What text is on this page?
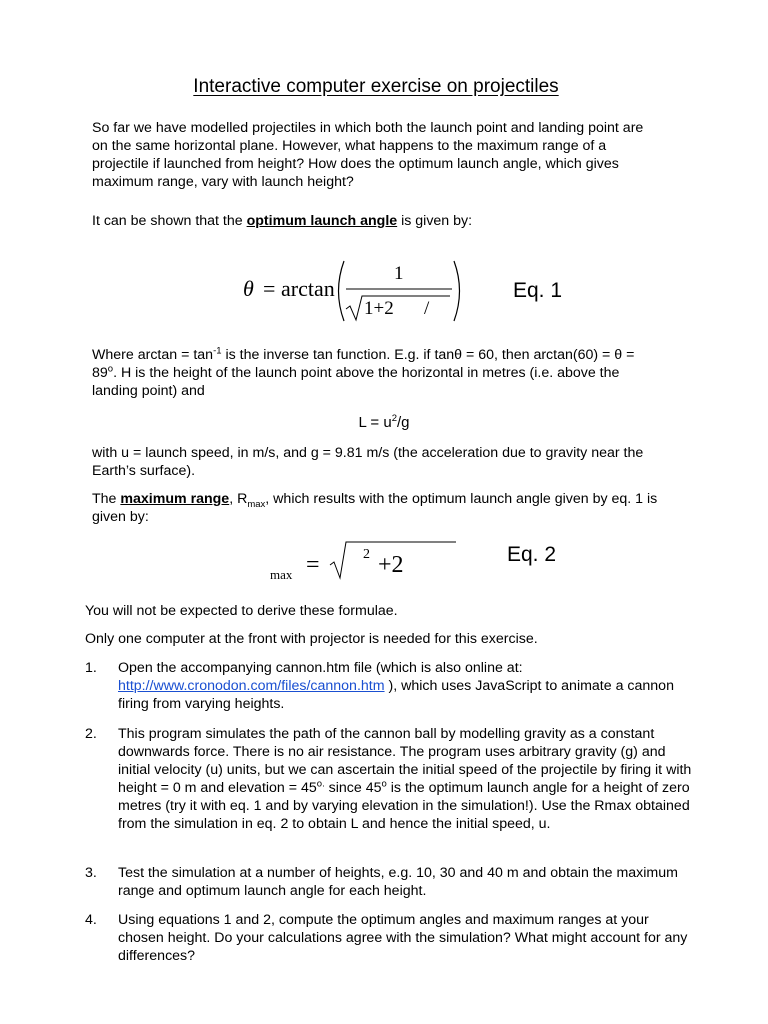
Interactive computer exercise on projectiles
So far we have modelled projectiles in which both the launch point and landing point are on the same horizontal plane. However, what happens to the maximum range of a projectile if launched from height? How does the optimum launch angle, which gives maximum range, vary with launch height?
It can be shown that the optimum launch angle is given by:
θ = arctan
1
1+2 /
Eq. 1
Where $\arctan = \tan^{-1}$ is the inverse tan function. E.g. if tanθ = 60, then $\arctan(60) = \theta = 89^o$. H is the height of the launch point above the horizontal in metres (i.e. above the landing point) and
$L = u^2/g$
with u = launch speed, in m/s, and g = 9.81 m/s (the acceleration due to gravity near the Earth’s surface).
The maximum range, $R_{max}$, which results with the optimum launch angle given by eq. 1 is given by:
max =	2 +2	Eq. 2
You will not be expected to derive these formulae.
Only one computer at the front with projector is needed for this exercise.
1.	Open the accompanying cannon.htm file (which is also online at: http://www.cronodon.com/files/cannon.htm ), which uses JavaScript to animate a cannon firing from varying heights.
2.	This program simulates the path of the cannon ball by modelling gravity as a constant downwards force. There is no air resistance. The program uses arbitrary gravity (g) and initial velocity (u) units, but we can ascertain the initial speed of the projectile by firing it with height = 0 m and elevation = $45^{o.}$ since 45$^o$ is the optimum launch angle for a height of zero metres (try it with eq. 1 and by varying elevation in the simulation!). Use the Rmax obtained from the simulation in eq. 2 to obtain L and hence the initial speed, u.
3.	Test the simulation at a number of heights, e.g. 10, 30 and 40 m and obtain the maximum range and optimum launch angle for each height.
4.	Using equations 1 and 2, compute the optimum angles and maximum ranges at your chosen height. Do your calculations agree with the simulation? What might account for any differences?
